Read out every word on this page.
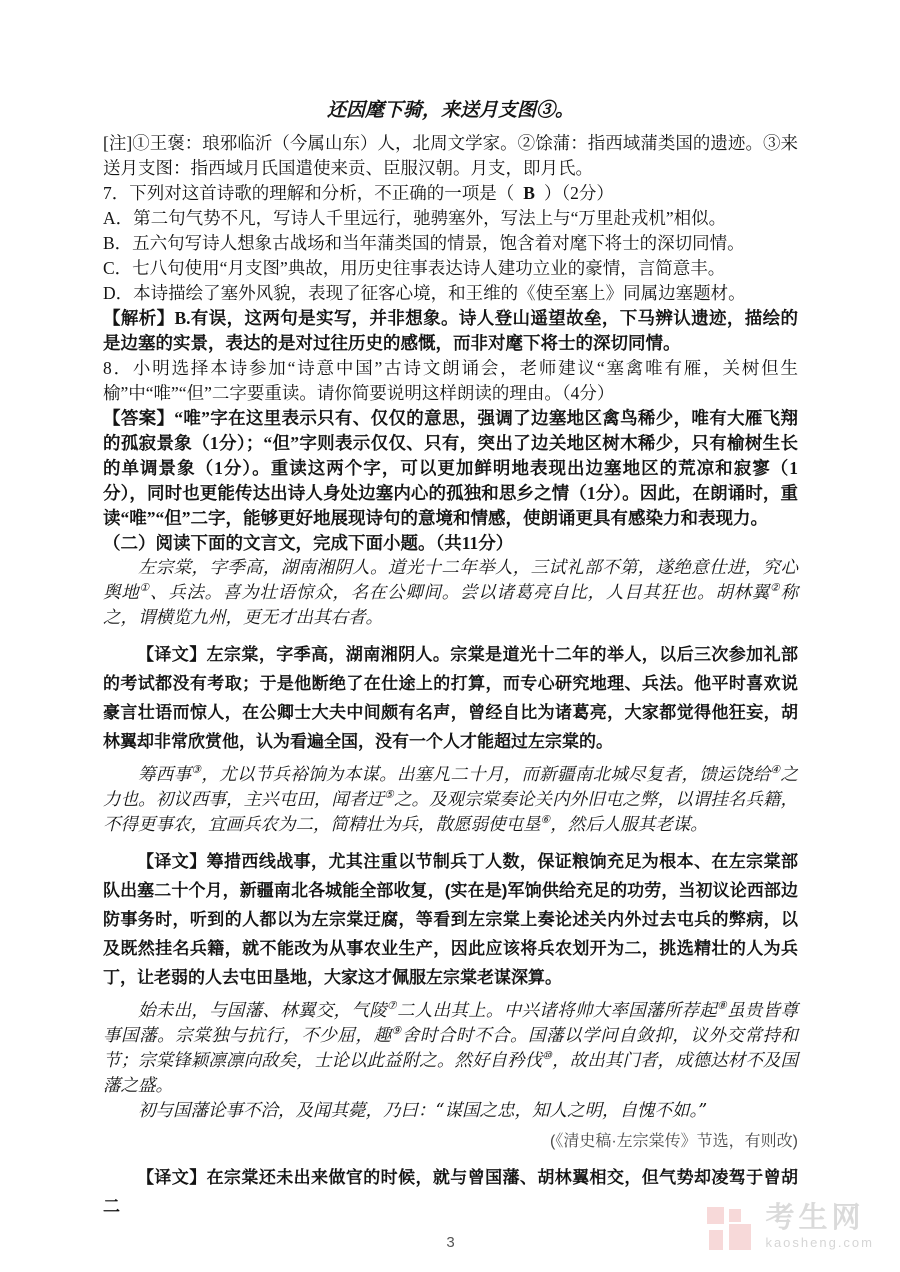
还因麾下骑，来送月支图③。

[注]①王褒：琅邪临沂（今属山东）人，北周文学家。②馀蒲：指西域蒲类国的遗迹。③来送月支图：指西域月氏国遣使来贡、臣服汉朝。月支，即月氏。

7．下列对这首诗歌的理解和分析，不正确的一项是（ B ）（2分）

A．第二句气势不凡，写诗人千里远行，驰骋塞外，写法上与“万里赴戎机”相似。

B．五六句写诗人想象古战场和当年蒲类国的情景，饱含着对麾下将士的深切同情。

C．七八句使用“月支图”典故，用历史往事表达诗人建功立业的豪情，言简意丰。

D．本诗描绘了塞外风貌，表现了征客心境，和王维的《使至塞上》同属边塞题材。

【解析】B.有误，这两句是实写，并非想象。诗人登山遥望故垒，下马辨认遗迹，描绘的是边塞的实景，表达的是对过往历史的感慨，而非对麾下将士的深切同情。

8．小明选择本诗参加“诗意中国”古诗文朗诵会，老师建议“塞禽唯有雁，关树但生榆”中“唯”“但”二字要重读。请你简要说明这样朗读的理由。（4分）

【答案】“唯”字在这里表示只有、仅仅的意思，强调了边塞地区禽鸟稀少，唯有大雁飞翔的孤寂景象（1分）；“但”字则表示仅仅、只有，突出了边关地区树木稀少，只有榆树生长的单调景象（1分）。重读这两个字，可以更加鲜明地表现出边塞地区的荒凉和寂寥（1分），同时也更能传达出诗人身处边塞内心的孤独和思乡之情（1分）。因此，在朗诵时，重读“唯”“但”二字，能够更好地展现诗句的意境和情感，使朗诵更具有感染力和表现力。

（二）阅读下面的文言文，完成下面小题。（共11分）

左宗棠，字季高，湖南湘阴人。道光十二年举人，三试礼部不第，遂绝意仕进，究心舆地①、兵法。喜为壮语惊众，名在公卿间。尝以诸葛亮自比，人目其狂也。胡林翼②称之，谓横览九州，更无才出其右者。

【译文】左宗棠，字季高，湖南湘阴人。宗棠是道光十二年的举人，以后三次参加礼部的考试都没有考取；于是他断绝了在仕途上的打算，而专心研究地理、兵法。他平时喜欢说豪言壮语而惊人，在公卿士大夫中间颇有名声，曾经自比为诸葛亮，大家都觉得他狂妄，胡林翼却非常欣赏他，认为看遍全国，没有一个人才能超过左宗棠的。

筹西事③，尤以节兵裕饷为本谋。出塞凡二十月，而新疆南北城尽复者，馈运饶给④之力也。初议西事，主兴屯田，闻者迂⑤之。及观宗棠奏论关内外旧屯之弊，以谓挂名兵籍，不得更事农，宜画兵农为二，简精壮为兵，散愿弱使屯垦⑥，然后人服其老谋。

【译文】筹措西线战事，尤其注重以节制兵丁人数，保证粮饷充足为根本、在左宗棠部队出塞二十个月，新疆南北各城能全部收复，(实在是)军饷供给充足的功劳，当初议论西部边防事务时，听到的人都以为左宗棠迂腐，等看到左宗棠上奏论述关内外过去屯兵的弊病，以及既然挂名兵籍，就不能改为从事农业生产，因此应该将兵农划开为二，挑选精壮的人为兵丁，让老弱的人去屯田垦地，大家这才佩服左宗棠老谋深算。

始未出，与国藩、林翼交，气陵⑦二人出其上。中兴诸将帅大率国藩所荐起⑧虽贵皆尊事国藩。宗棠独与抗行，不少屈，趣⑨舍时合时不合。国藩以学问自敛抑，议外交常持和节；宗棠锋颖凛凛向敌矣，士论以此益附之。然好自矜伐⑩，故出其门者，成德达材不及国藩之盛。

初与国藩论事不洽，及闻其薨，乃曰：“谋国之忠，知人之明，自愧不如。”

(《清史稿·左宗棠传》节选，有则改)

【译文】在宗棠还未出来做官的时候，就与曾国藩、胡林翼相交，但气势却凌驾于曾胡二

3
考生网
kaosheng.com
